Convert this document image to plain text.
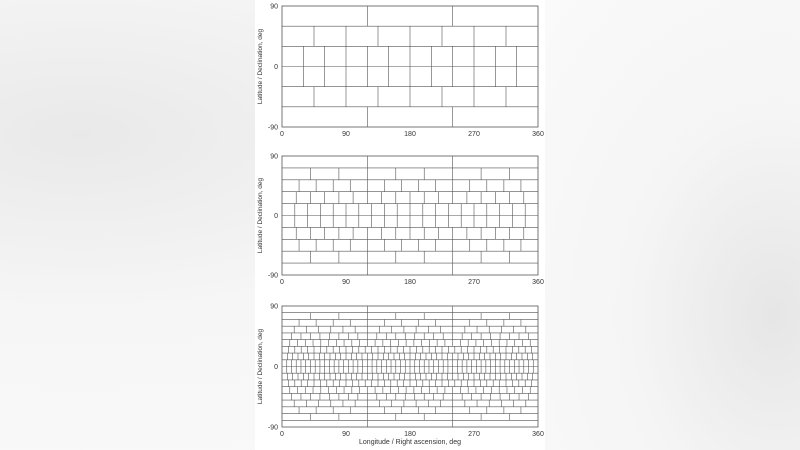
0	90	180	270	360
90
0
-90
Latitude / Declination, deg
0	90	180	270	360
90
0
-90
Latitude / Declination, deg
0	90	180	270	360
90
0
-90
Latitude / Declination, deg
Longitude / Right ascension, deg
